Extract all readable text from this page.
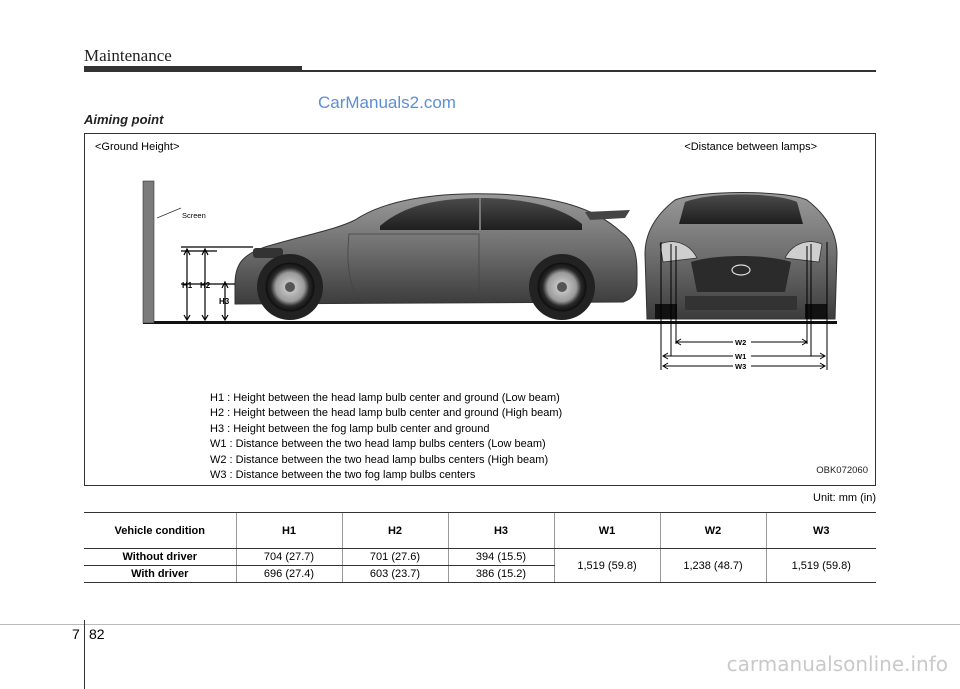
Maintenance
CarManuals2.com
Aiming point
<Ground Height>	<Distance between lamps>
Screen
H1 H2
H3
W2
W1
W3
H1 : Height between the head lamp bulb center and ground (Low beam)
H2 : Height between the head lamp bulb center and ground (High beam)
H3 : Height between the fog lamp bulb center and ground
W1 : Distance between the two head lamp bulbs centers (Low beam)
W2 : Distance between the two head lamp bulbs centers (High beam)
W3 : Distance between the two fog lamp bulbs centers	OBK072060
Unit: mm (in)
Vehicle condition	H1	H2	H3	W1	W2	W3
Without driver	704 (27.7)	701 (27.6)	394 (15.5)	1,519 (59.8)	1,238 (48.7)	1,519 (59.8)
With driver	696 (27.4)	603 (23.7)	386 (15.2)			
7 82
carmanualsonline.info
